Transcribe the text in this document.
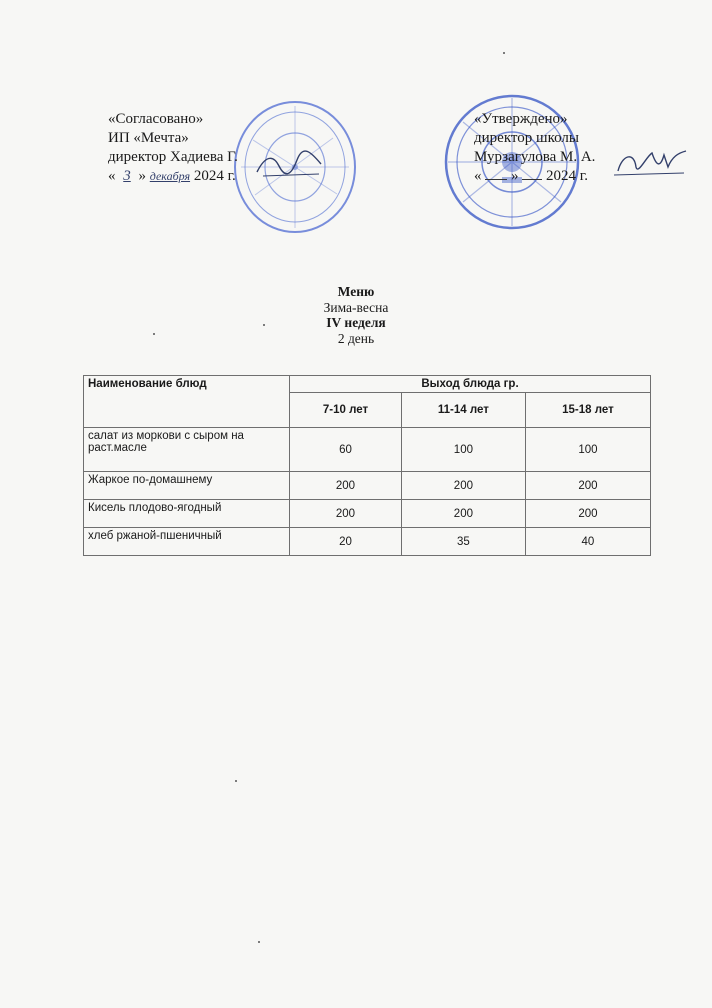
«Согласовано»
ИП «Мечта»
директор Хадиева Г.
« 3 » декабря 2024 г.
«Утверждено»
директор школы
Мурзагулова М. А.
« » 2024 г.
Меню
Зима-весна
IV неделя
2 день
Наименование блюд	Выход блюда гр.		
	7-10 лет	11-14 лет	15-18 лет
салат из моркови с сыром на раст.масле	60	100	100
Жаркое по-домашнему	200	200	200
Кисель плодово-ягодный	200	200	200
хлеб ржаной-пшеничный	20	35	40
